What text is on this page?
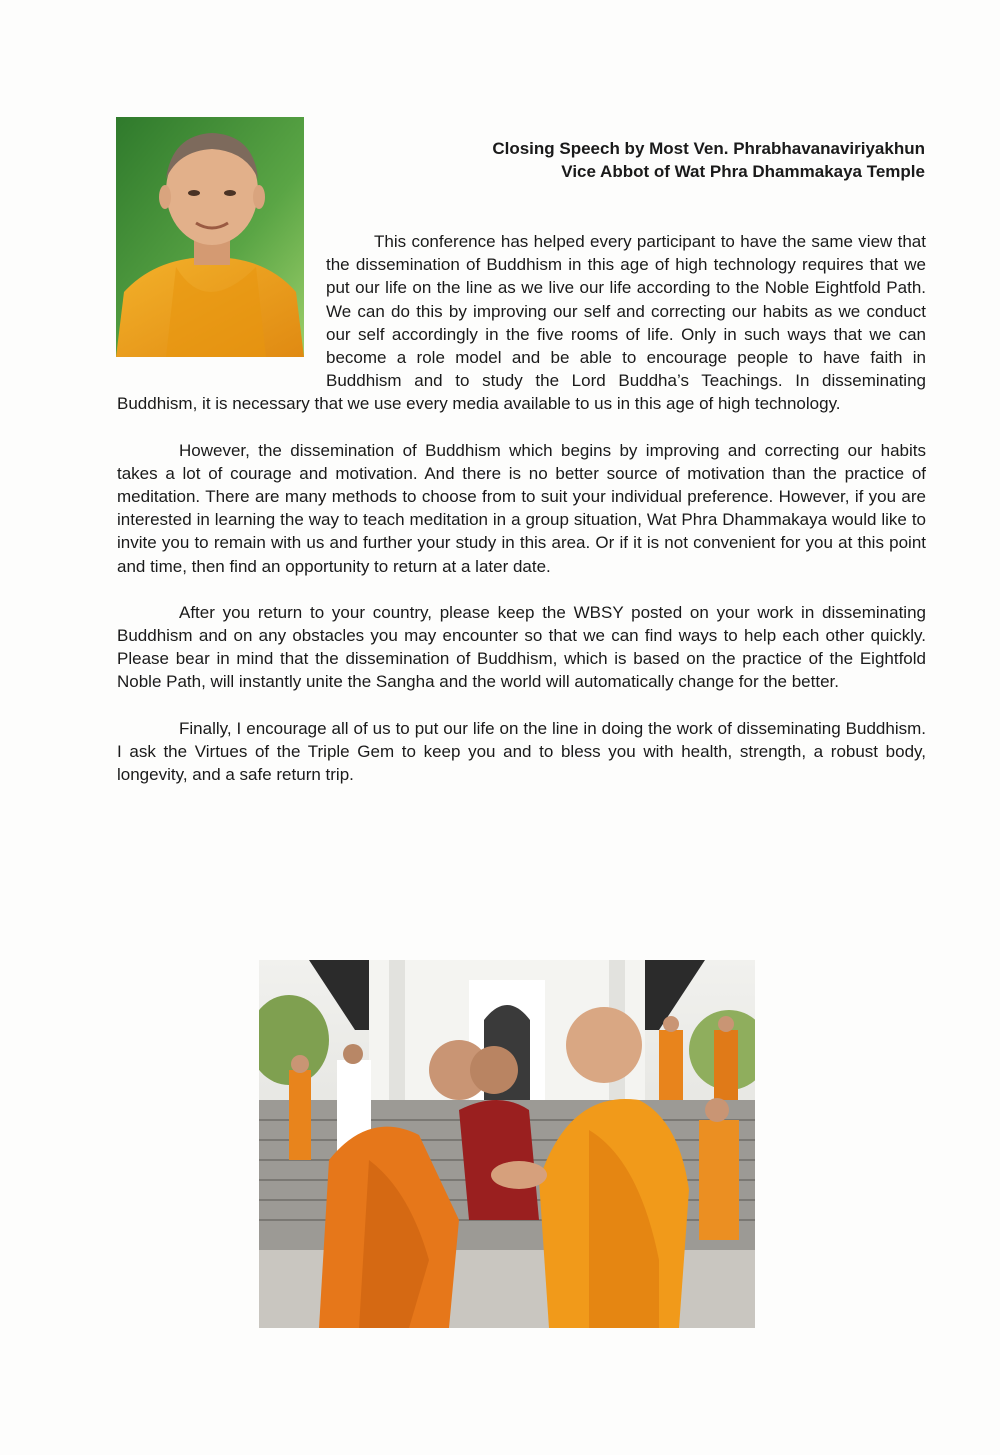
Closing Speech by Most Ven. Phrabhavanaviriyakhun
Vice Abbot of Wat Phra Dhammakaya Temple

This conference has helped every participant to have the same view that the dissemination of Buddhism in this age of high technology requires that we put our life on the line as we live our life according to the Noble Eightfold Path. We can do this by improving our self and correcting our habits as we conduct our self accordingly in the five rooms of life. Only in such ways that we can become a role model and be able to encourage people to have faith in Buddhism and to study the Lord Buddha’s Teachings. In disseminating Buddhism, it is necessary that we use every media available to us in this age of high technology.

However, the dissemination of Buddhism which begins by improving and correcting our habits takes a lot of courage and motivation. And there is no better source of motivation than the practice of meditation. There are many methods to choose from to suit your individual preference. However, if you are interested in learning the way to teach meditation in a group situation, Wat Phra Dhammakaya would like to invite you to remain with us and further your study in this area. Or if it is not convenient for you at this point and time, then find an opportunity to return at a later date.

After you return to your country, please keep the WBSY posted on your work in disseminating Buddhism and on any obstacles you may encounter so that we can find ways to help each other quickly. Please bear in mind that the dissemination of Buddhism, which is based on the practice of the Eightfold Noble Path, will instantly unite the Sangha and the world will automatically change for the better.

Finally, I encourage all of us to put our life on the line in doing the work of disseminating Buddhism. I ask the Virtues of the Triple Gem to keep you and to bless you with health, strength, a robust body, longevity, and a safe return trip.
